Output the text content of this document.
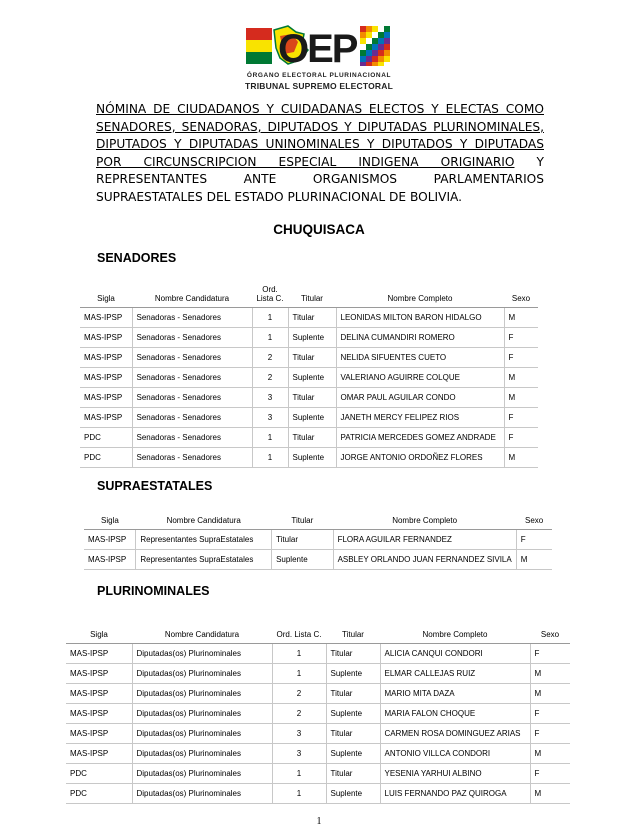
OEP
ÓRGANO ELECTORAL PLURINACIONAL
TRIBUNAL SUPREMO ELECTORAL

NÓMINA DE CIUDADANOS Y CUIDADANAS ELECTOS Y ELECTAS COMO SENADORES, SENADORAS, DIPUTADOS Y DIPUTADAS PLURINOMINALES, DIPUTADOS Y DIPUTADAS UNINOMINALES Y DIPUTADOS Y DIPUTADAS POR CIRCUNSCRIPCION ESPECIAL INDIGENA ORIGINARIO Y REPRESENTANTES ANTE ORGANISMOS PARLAMENTARIOS SUPRAESTATALES DEL ESTADO PLURINACIONAL DE BOLIVIA.

CHUQUISACA
SENADORES
Sigla	Nombre Candidatura	Ord. Lista C.	Titular	Nombre Completo	Sexo
MAS-IPSP	Senadoras - Senadores	1	Titular	LEONIDAS MILTON BARON HIDALGO	M
MAS-IPSP	Senadoras - Senadores	1	Suplente	DELINA CUMANDIRI ROMERO	F
MAS-IPSP	Senadoras - Senadores	2	Titular	NELIDA SIFUENTES CUETO	F
MAS-IPSP	Senadoras - Senadores	2	Suplente	VALERIANO AGUIRRE COLQUE	M
MAS-IPSP	Senadoras - Senadores	3	Titular	OMAR PAUL AGUILAR CONDO	M
MAS-IPSP	Senadoras - Senadores	3	Suplente	JANETH MERCY FELIPEZ RIOS	F
PDC	Senadoras - Senadores	1	Titular	PATRICIA MERCEDES GOMEZ ANDRADE	F
PDC	Senadoras - Senadores	1	Suplente	JORGE ANTONIO ORDOÑEZ FLORES	M
SUPRAESTATALES
Sigla	Nombre Candidatura	Titular	Nombre Completo	Sexo
MAS-IPSP	Representantes SupraEstatales	Titular	FLORA AGUILAR FERNANDEZ	F
MAS-IPSP	Representantes SupraEstatales	Suplente	ASBLEY ORLANDO JUAN FERNANDEZ SIVILA	M
PLURINOMINALES
Sigla	Nombre Candidatura	Ord. Lista C.	Titular	Nombre Completo	Sexo
MAS-IPSP	Diputadas(os) Plurinominales	1	Titular	ALICIA CANQUI CONDORI	F
MAS-IPSP	Diputadas(os) Plurinominales	1	Suplente	ELMAR CALLEJAS RUIZ	M
MAS-IPSP	Diputadas(os) Plurinominales	2	Titular	MARIO MITA DAZA	M
MAS-IPSP	Diputadas(os) Plurinominales	2	Suplente	MARIA FALON CHOQUE	F
MAS-IPSP	Diputadas(os) Plurinominales	3	Titular	CARMEN ROSA DOMINGUEZ ARIAS	F
MAS-IPSP	Diputadas(os) Plurinominales	3	Suplente	ANTONIO VILLCA CONDORI	M
PDC	Diputadas(os) Plurinominales	1	Titular	YESENIA YARHUI ALBINO	F
PDC	Diputadas(os) Plurinominales	1	Suplente	LUIS FERNANDO PAZ QUIROGA	M
1
